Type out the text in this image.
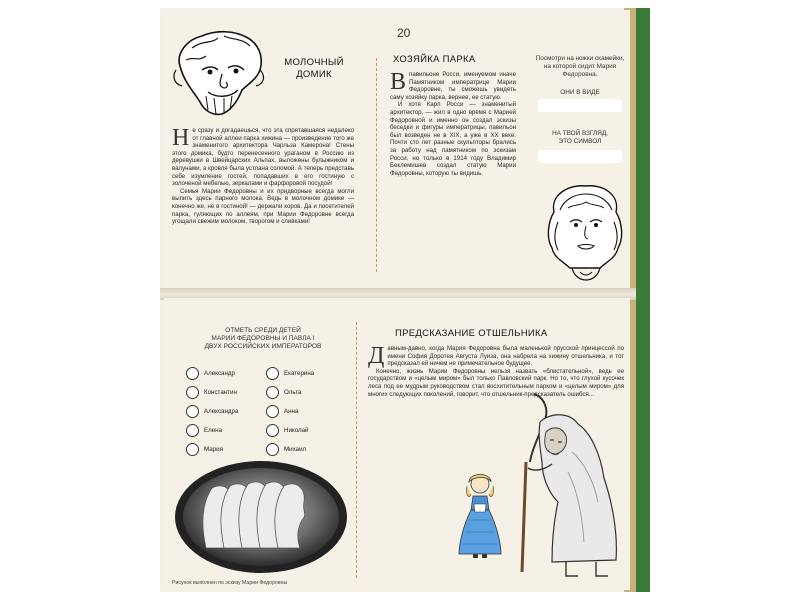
20
МОЛОЧНЫЙ
ДОМИК
Н е сразу и догадаешься, что эта спрятавшаяся недалеко от главной аллеи парка хижина — произведение того же знаменитого архитектора Чарльза Камерона! Стены этого домика, будто перенесенного ураганом в Россию из деревушки в Швейцарских Альпах, выложены булыжником и валунами, а кровля была устлана соломой. А теперь представь себе изумление гостей, попадавших в его гостиную с золоченой мебелью, зеркалами и фарфоровой посудой!
Семья Марии Федоровны и их придворные всегда могли выпить здесь парного молока. Ведь в молочном домике — конечно же, не в гостиной! — держали коров. Да и посетителей парка, гуляющих по аллеям, при Марии Федоровне всегда угощали свежим молоком, творогом и сливками!
ХОЗЯЙКА ПАРКА
В павильоне Росси, именуемом иначе Памятником императрице Марии Федоровне, ты сможешь увидеть саму хозяйку парка, вернее, ее статую.
И хотя Карл Росси — знаменитый архитектор, — жил в одно время с Марией Федоровной и именно он создал эскизы беседки и фигуры императрицы, павильон был возведен не в XIX, а уже в XX веке. Почти сто лет разные скульпторы брались за работу над памятником по эскизам Росси, но только в 1914 году Владимир Беклемишев создал статую Марии Федоровны, которую ты видишь.
Посмотри на ножки скамейки, на которой сидит Мария Федоровна.
ОНИ В ВИДЕ
НА ТВОЙ ВЗГЛЯД,
ЭТО СИМВОЛ
ОТМЕТЬ СРЕДИ ДЕТЕЙ
МАРИИ ФЕДОРОВНЫ И ПАВЛА I
ДВУХ РОССИЙСКИХ ИМПЕРАТОРОВ
Александр
Константин
Александра
Елена
Мария
Екатерина
Ольга
Анна
Николай
Михаил
Рисунок выполнен по эскизу Марии Федоровны
ПРЕДСКАЗАНИЕ ОТШЕЛЬНИКА
Д авным-давно, когда Мария Федоровна была маленькой прусской принцессой по имени София Доротея Августа Луиза, она набрела на хижину отшельника, и тот предсказал ей ничем не примечательное будущее.
Конечно, жизнь Марии Федоровны нельзя назвать «блистательной», ведь ее государством и «целым миром» был только Павловский парк. Но то, что глухой кусочек леса под ее мудрым руководством стал восхитительным парком и «целым миром» для многих следующих поколений, говорит, что отшельник-предсказатель ошибся...
